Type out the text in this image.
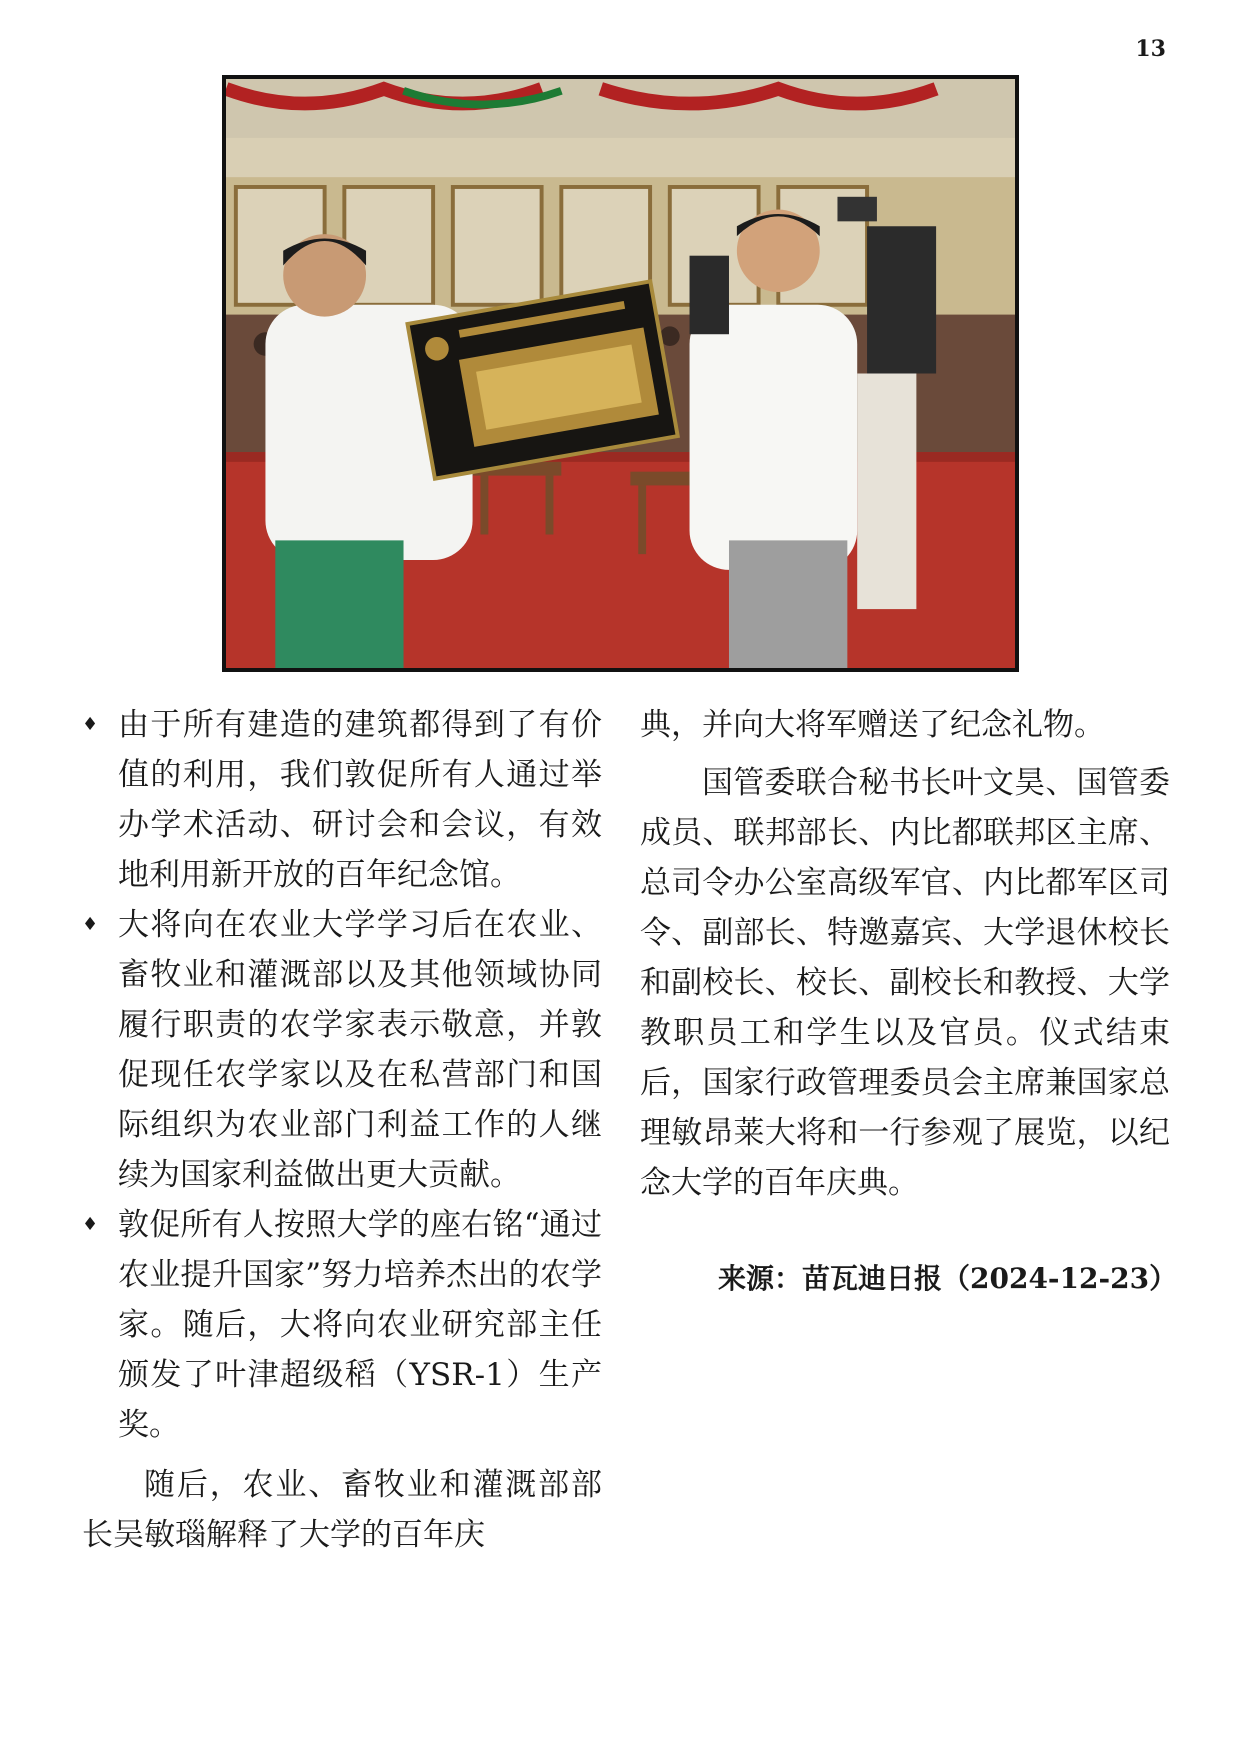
13

♦ 由于所有建造的建筑都得到了有价值的利用，我们敦促所有人通过举办学术活动、研讨会和会议，有效地利用新开放的百年纪念馆。

♦ 大将向在农业大学学习后在农业、畜牧业和灌溉部以及其他领域协同履行职责的农学家表示敬意，并敦促现任农学家以及在私营部门和国际组织为农业部门利益工作的人继续为国家利益做出更大贡献。

♦ 敦促所有人按照大学的座右铭“通过农业提升国家”努力培养杰出的农学家。随后，大将向农业研究部主任颁发了叶津超级稻（YSR-1）生产奖。

随后，农业、畜牧业和灌溉部部长吴敏瑙解释了大学的百年庆

典，并向大将军赠送了纪念礼物。

国管委联合秘书长叶文昊、国管委成员、联邦部长、内比都联邦区主席、总司令办公室高级军官、内比都军区司令、副部长、特邀嘉宾、大学退休校长和副校长、校长、副校长和教授、大学教职员工和学生以及官员。仪式结束后，国家行政管理委员会主席兼国家总理敏昂莱大将和一行参观了展览，以纪念大学的百年庆典。

来源：苗瓦迪日报（2024-12-23）
